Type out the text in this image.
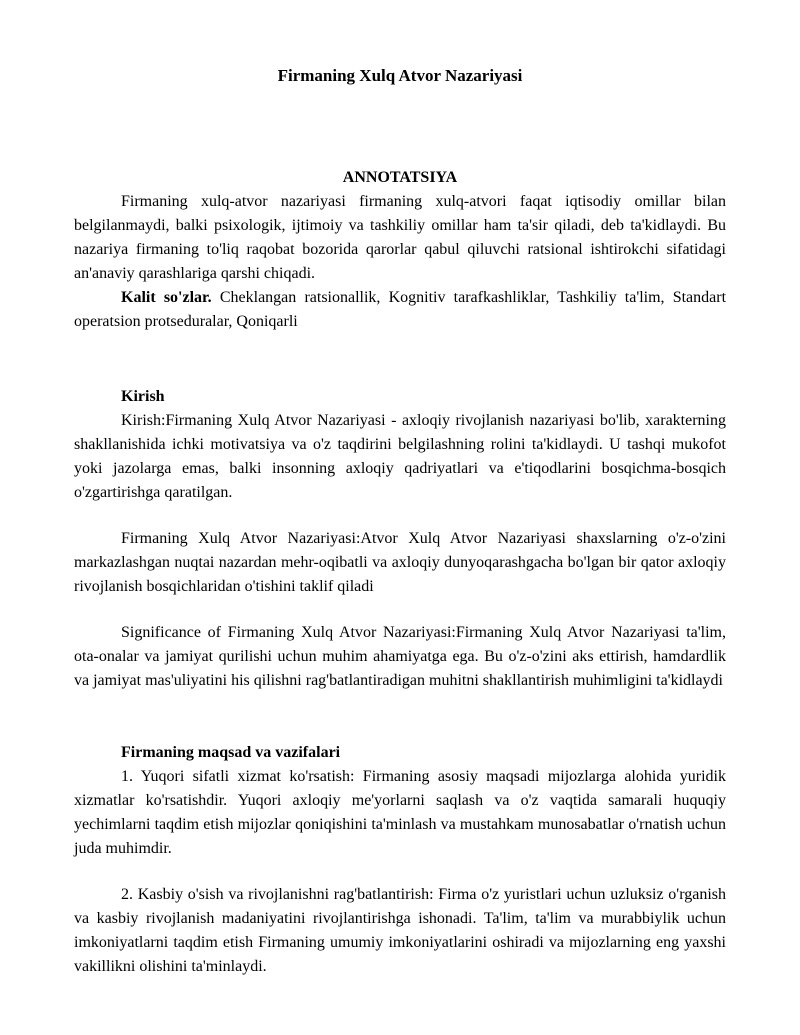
Firmaning Xulq Atvor Nazariyasi
ANNOTATSIYA

Firmaning xulq-atvor nazariyasi firmaning xulq-atvori faqat iqtisodiy omillar bilan belgilanmaydi, balki psixologik, ijtimoiy va tashkiliy omillar ham ta'sir qiladi, deb ta'kidlaydi. Bu nazariya firmaning to'liq raqobat bozorida qarorlar qabul qiluvchi ratsional ishtirokchi sifatidagi an'anaviy qarashlariga qarshi chiqadi.

Kalit so'zlar. Cheklangan ratsionallik, Kognitiv tarafkashliklar, Tashkiliy ta'lim, Standart operatsion protseduralar, Qoniqarli

Kirish

Kirish:Firmaning Xulq Atvor Nazariyasi - axloqiy rivojlanish nazariyasi bo'lib, xarakterning shakllanishida ichki motivatsiya va o'z taqdirini belgilashning rolini ta'kidlaydi. U tashqi mukofot yoki jazolarga emas, balki insonning axloqiy qadriyatlari va e'tiqodlarini bosqichma-bosqich o'zgartirishga qaratilgan.

Firmaning Xulq Atvor Nazariyasi:Atvor Xulq Atvor Nazariyasi shaxslarning o'z-o'zini markazlashgan nuqtai nazardan mehr-oqibatli va axloqiy dunyoqarashgacha bo'lgan bir qator axloqiy rivojlanish bosqichlaridan o'tishini taklif qiladi

Significance of Firmaning Xulq Atvor Nazariyasi:Firmaning Xulq Atvor Nazariyasi ta'lim, ota-onalar va jamiyat qurilishi uchun muhim ahamiyatga ega. Bu o'z-o'zini aks ettirish, hamdardlik va jamiyat mas'uliyatini his qilishni rag'batlantiradigan muhitni shakllantirish muhimligini ta'kidlaydi

Firmaning maqsad va vazifalari

1. Yuqori sifatli xizmat ko'rsatish: Firmaning asosiy maqsadi mijozlarga alohida yuridik xizmatlar ko'rsatishdir. Yuqori axloqiy me'yorlarni saqlash va o'z vaqtida samarali huquqiy yechimlarni taqdim etish mijozlar qoniqishini ta'minlash va mustahkam munosabatlar o'rnatish uchun juda muhimdir.

2. Kasbiy o'sish va rivojlanishni rag'batlantirish: Firma o'z yuristlari uchun uzluksiz o'rganish va kasbiy rivojlanish madaniyatini rivojlantirishga ishonadi. Ta'lim, ta'lim va murabbiylik uchun imkoniyatlarni taqdim etish Firmaning umumiy imkoniyatlarini oshiradi va mijozlarning eng yaxshi vakillikni olishini ta'minlaydi.
